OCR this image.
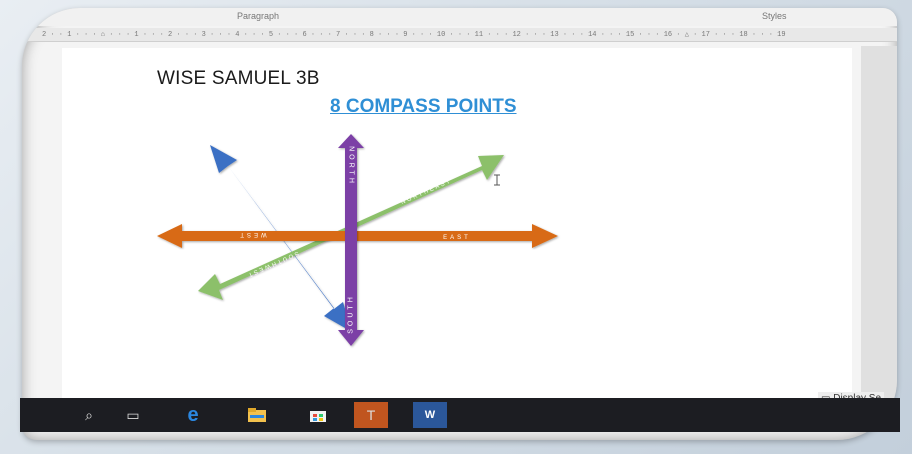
Paragraph	Styles
2 · · 1 · · · ⌂ · · · 1 · · · 2 · · · 3 · · · 4 · · · 5 · · · 6 · · · 7 · · · 8 · · · 9 · · · 10 · · · 11 · · · 12 · · · 13 · · · 14 · · · 15 · · · 16 · △ · 17 · · · 18 · · · 19
WISE SAMUEL 3B
8 COMPASS POINTS
NORTH
SOUTH
EAST
WEST
NORTHWEST
SOUTHEAST
NORTHEAST
SOUTHWEST
⌕	▭	e	T	W
